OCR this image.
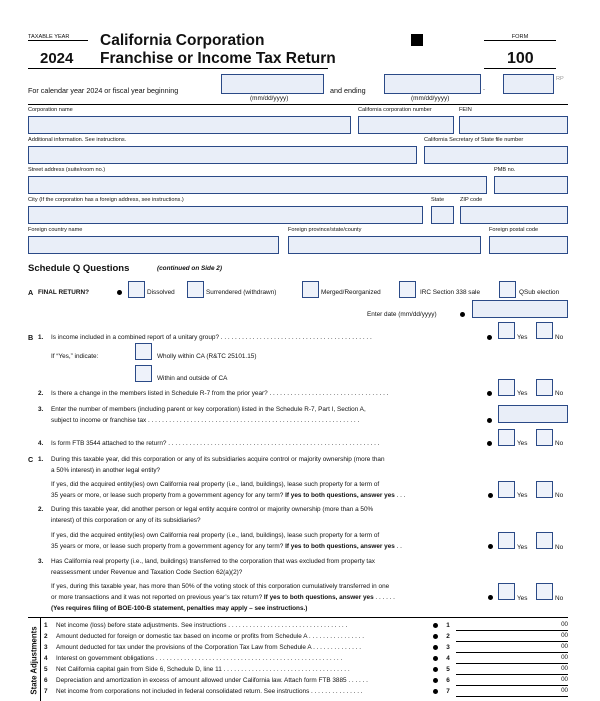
TAXABLE YEAR
2024
California Corporation
Franchise or Income Tax Return
FORM
100
For calendar year 2024 or fiscal year beginning
(mm/dd/yyyy)
and ending	.
(mm/dd/yyyy)
RP
Corporation name	California corporation number	FEIN
Additional information. See instructions.	California Secretary of State file number
Street address (suite/room no.)	PMB no.
City (If the corporation has a foreign address, see instructions.)	State	ZIP code
Foreign country name	Foreign province/state/county	Foreign postal code
Schedule Q Questions	(continued on Side 2)
A FINAL RETURN?	Dissolved	Surrendered (withdrawn)	Merged/Reorganized	IRC Section 338 sale	QSub election
Enter date (mm/dd/yyyy)
B 1. Is income included in a combined report of a unitary group? . . . . . . . . . . . . . . . . . . . . . . . . . . . . . . . . . . . . . . . . . . .	Yes	No
If “Yes,” indicate:	Wholly within CA (R&TC 25101.15)
Within and outside of CA
2. Is there a change in the members listed in Schedule R-7 from the prior year? . . . . . . . . . . . . . . . . . . . . . . . . . . . . . . . . . .	Yes	No
3. Enter the number of members (including parent or key corporation) listed in the Schedule R-7, Part I, Section A,
subject to income or franchise tax . . . . . . . . . . . . . . . . . . . . . . . . . . . . . . . . . . . . . . . . . . . . . . . . . . . . . . . . . . . .
4. Is form FTB 3544 attached to the return? . . . . . . . . . . . . . . . . . . . . . . . . . . . . . . . . . . . . . . . . . . . . . . . . . . . . . . . . . . . .	Yes	No
C 1. During this taxable year, did this corporation or any of its subsidiaries acquire control or majority ownership (more than
a 50% interest) in another legal entity?
If yes, did the acquired entity(ies) own California real property (i.e., land, buildings), lease such property for a term of
35 years or more, or lease such property from a government agency for any term? If yes to both questions, answer yes . . .	Yes	No
2. During this taxable year, did another person or legal entity acquire control or majority ownership (more than a 50%
interest) of this corporation or any of its subsidiaries?
If yes, did the acquired entity(ies) own California real property (i.e., land, buildings), lease such property for a term of
35 years or more, or lease such property from a government agency for any term? If yes to both questions, answer yes . .	Yes	No
3. Has California real property (i.e., land, buildings) transferred to the corporation that was excluded from property tax
reassessment under Revenue and Taxation Code Section 62(a)(2)?
If yes, during this taxable year, has more than 50% of the voting stock of this corporation cumulatively transferred in one
or more transactions and it was not reported on previous year’s tax return? If yes to both questions, answer yes . . . . . .
(Yes requires filing of BOE-100-B statement, penalties may apply – see instructions.)
Yes	No
State Adjustments
1 Net income (loss) before state adjustments. See instructions . . . . . . . . . . . . . . . . . . . . . . . . . . . . . . . . . .	1	00
2 Amount deducted for foreign or domestic tax based on income or profits from Schedule A . . . . . . . . . . . . . . . .	2	00
3 Amount deducted for tax under the provisions of the Corporation Tax Law from Schedule A . . . . . . . . . . . . . .	3	00
4 Interest on government obligations . . . . . . . . . . . . . . . . . . . . . . . . . . . . . . . . . . . . . . . . . . . . . . . . . . . . .	4	00
5 Net California capital gain from Side 6, Schedule D, line 11 . . . . . . . . . . . . . . . . . . . . . . . . . . . . . . . . . . . .	5	00
6 Depreciation and amortization in excess of amount allowed under California law. Attach form FTB 3885 . . . . . .	6	00
7 Net income from corporations not included in federal consolidated return. See instructions . . . . . . . . . . . . . . .	7	00
